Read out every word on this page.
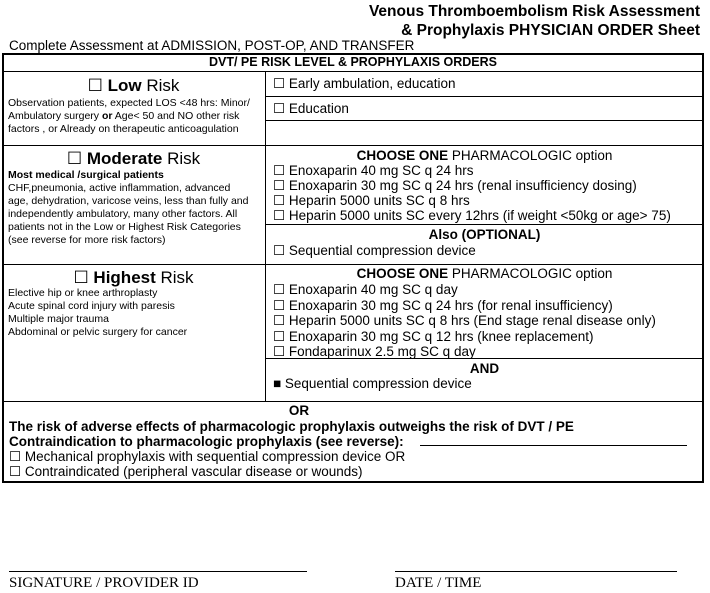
Venous Thromboembolism Risk Assessment
& Prophylaxis PHYSICIAN ORDER Sheet
Complete Assessment at ADMISSION, POST-OP, AND TRANSFER
DVT/ PE RISK LEVEL & PROPHYLAXIS ORDERS
☐ Low Risk
Observation patients, expected LOS <48 hrs: Minor/
Ambulatory surgery or Age< 50 and NO other risk
factors , or Already on therapeutic anticoagulation
☐ Early ambulation, education
☐ Education
☐ Moderate Risk
Most medical /surgical patients
CHF,pneumonia, active inflammation, advanced
age, dehydration, varicose veins, less than fully and
independently ambulatory, many other factors. All
patients not in the Low or Highest Risk Categories
(see reverse for more risk factors)
CHOOSE ONE PHARMACOLOGIC option
☐ Enoxaparin 40 mg SC q 24 hrs
☐ Enoxaparin 30 mg SC q 24 hrs (renal insufficiency dosing)
☐ Heparin 5000 units SC q 8 hrs
☐ Heparin 5000 units SC every 12hrs (if weight <50kg or age> 75)
Also (OPTIONAL)
☐ Sequential compression device
☐ Highest Risk
Elective hip or knee arthroplasty
Acute spinal cord injury with paresis
Multiple major trauma
Abdominal or pelvic surgery for cancer
CHOOSE ONE PHARMACOLOGIC option
☐ Enoxaparin 40 mg SC q day
☐ Enoxaparin 30 mg SC q 24 hrs (for renal insufficiency)
☐ Heparin 5000 units SC q 8 hrs (End stage renal disease only)
☐ Enoxaparin 30 mg SC q 12 hrs (knee replacement)
☐ Fondaparinux 2.5 mg SC q day
AND
■ Sequential compression device
OR
The risk of adverse effects of pharmacologic prophylaxis outweighs the risk of DVT / PE
Contraindication to pharmacologic prophylaxis (see reverse):
☐ Mechanical prophylaxis with sequential compression device OR
☐ Contraindicated (peripheral vascular disease or wounds)
SIGNATURE / PROVIDER ID	DATE / TIME
